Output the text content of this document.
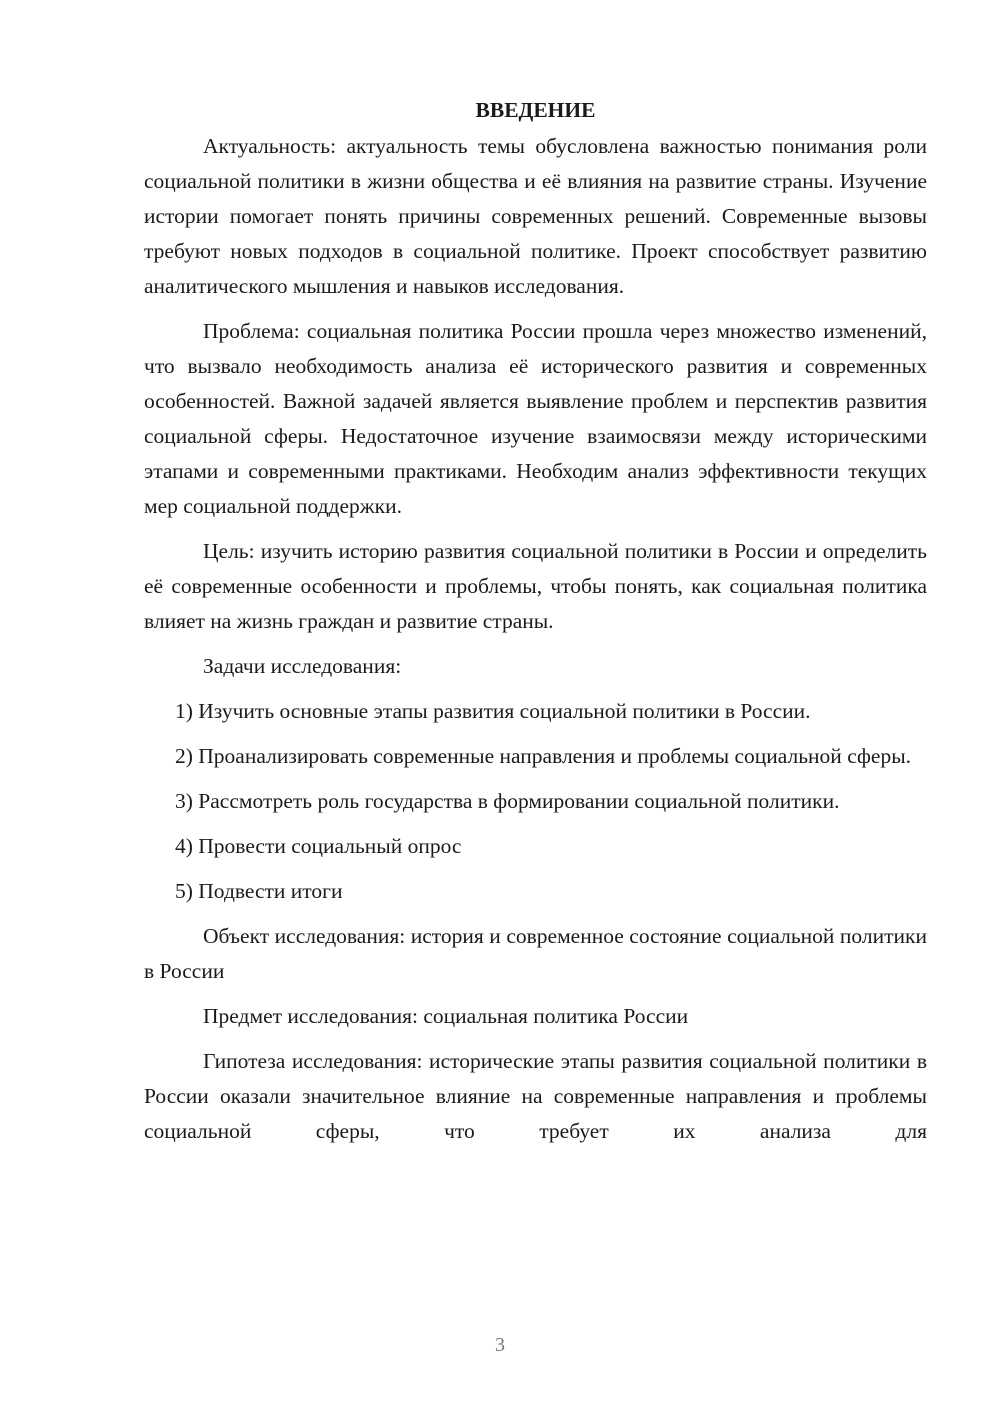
ВВЕДЕНИЕ

Актуальность: актуальность темы обусловлена важностью понимания роли социальной политики в жизни общества и её влияния на развитие страны. Изучение истории помогает понять причины современных решений. Современные вызовы требуют новых подходов в социальной политике. Проект способствует развитию аналитического мышления и навыков исследования.

Проблема: социальная политика России прошла через множество изменений, что вызвало необходимость анализа её исторического развития и современных особенностей. Важной задачей является выявление проблем и перспектив развития социальной сферы. Недостаточное изучение взаимосвязи между историческими этапами и современными практиками. Необходим анализ эффективности текущих мер социальной поддержки.

Цель: изучить историю развития социальной политики в России и определить её современные особенности и проблемы, чтобы понять, как социальная политика влияет на жизнь граждан и развитие страны.

Задачи исследования:

1) Изучить основные этапы развития социальной политики в России.

2) Проанализировать современные направления и проблемы социальной сферы.

3) Рассмотреть роль государства в формировании социальной политики.

4) Провести социальный опрос

5) Подвести итоги

Объект исследования: история и современное состояние социальной политики в России

Предмет исследования: социальная политика России

Гипотеза исследования: исторические этапы развития социальной политики в России оказали значительное влияние на современные направления и проблемы социальной сферы, что требует их анализа для

3
